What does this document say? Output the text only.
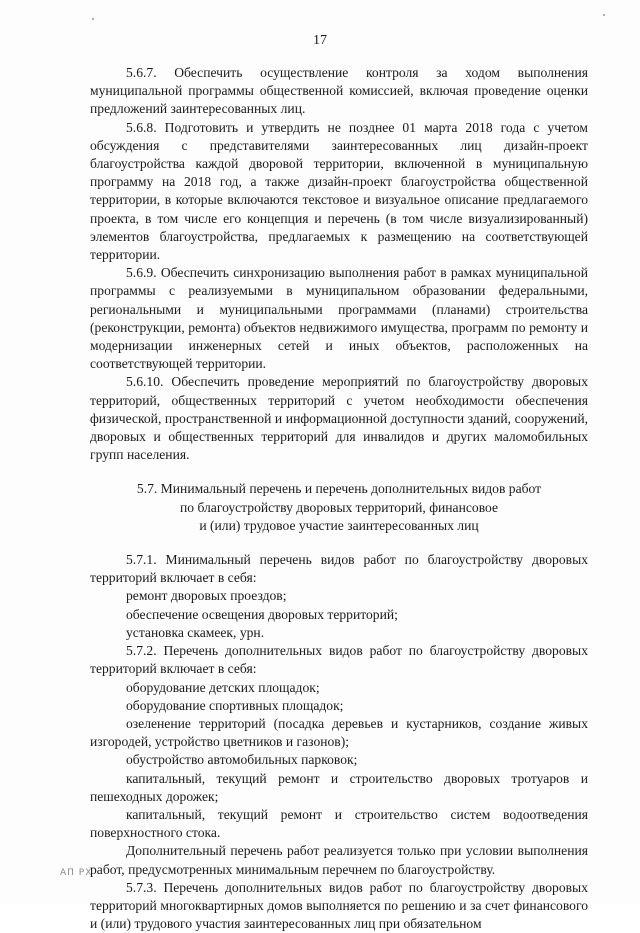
17

5.6.7. Обеспечить осуществление контроля за ходом выполнения муниципальной программы общественной комиссией, включая проведение оценки предложений заинтересованных лиц.

5.6.8. Подготовить и утвердить не позднее 01 марта 2018 года с учетом обсуждения с представителями заинтересованных лиц дизайн-проект благоустройства каждой дворовой территории, включенной в муниципальную программу на 2018 год, а также дизайн-проект благоустройства общественной территории, в которые включаются текстовое и визуальное описание предлагаемого проекта, в том числе его концепция и перечень (в том числе визуализированный) элементов благоустройства, предлагаемых к размещению на соответствующей территории.

5.6.9. Обеспечить синхронизацию выполнения работ в рамках муниципальной программы с реализуемыми в муниципальном образовании федеральными, региональными и муниципальными программами (планами) строительства (реконструкции, ремонта) объектов недвижимого имущества, программ по ремонту и модернизации инженерных сетей и иных объектов, расположенных на соответствующей территории.

5.6.10. Обеспечить проведение мероприятий по благоустройству дворовых территорий, общественных территорий с учетом необходимости обеспечения физической, пространственной и информационной доступности зданий, сооружений, дворовых и общественных территорий для инвалидов и других маломобильных групп населения.

5.7. Минимальный перечень и перечень дополнительных видов работ
по благоустройству дворовых территорий, финансовое
и (или) трудовое участие заинтересованных лиц

5.7.1. Минимальный перечень видов работ по благоустройству дворовых территорий включает в себя:

ремонт дворовых проездов;

обеспечение освещения дворовых территорий;

установка скамеек, урн.

5.7.2. Перечень дополнительных видов работ по благоустройству дворовых территорий включает в себя:

оборудование детских площадок;

оборудование спортивных площадок;

озеленение территорий (посадка деревьев и кустарников, создание живых изгородей, устройство цветников и газонов);

обустройство автомобильных парковок;

капитальный, текущий ремонт и строительство дворовых тротуаров и пешеходных дорожек;

капитальный, текущий ремонт и строительство систем водоотведения поверхностного стока.

Дополнительный перечень работ реализуется только при условии выполнения работ, предусмотренных минимальным перечнем по благоустройству.

5.7.3. Перечень дополнительных видов работ по благоустройству дворовых территорий многоквартирных домов выполняется по решению и за счет финансового и (или) трудового участия заинтересованных лиц при обязательном

АП РХ
